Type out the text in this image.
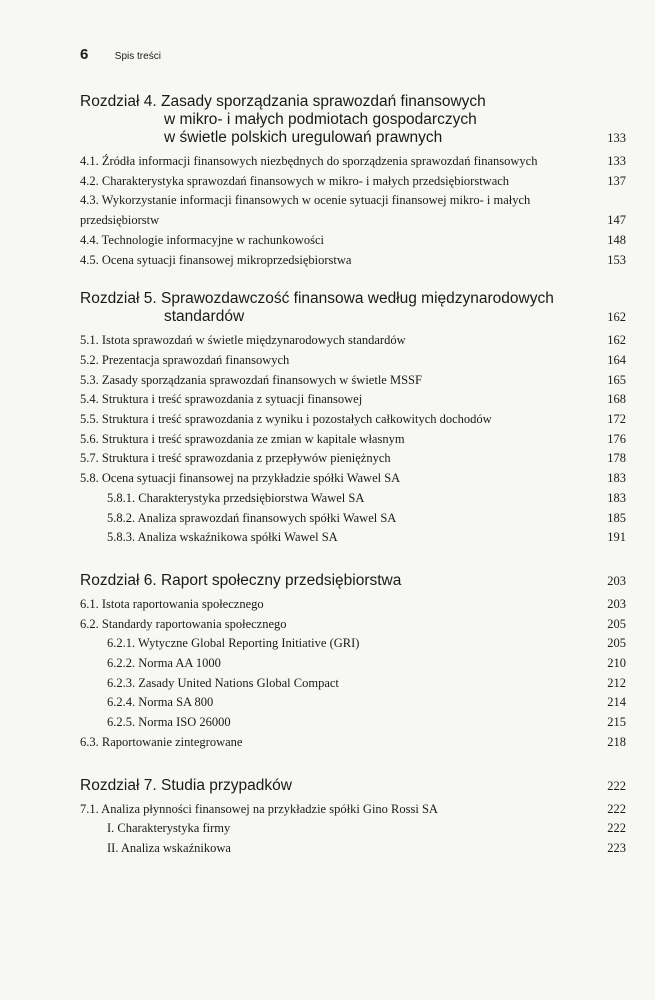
6	Spis treści
Rozdział 4. Zasady sporządzania sprawozdań finansowych
w mikro- i małych podmiotach gospodarczych
w świetle polskich uregulowań prawnych	133
4.1. Źródła informacji finansowych niezbędnych do sporządzenia sprawozdań finansowych	133
4.2. Charakterystyka sprawozdań finansowych w mikro- i małych przedsiębiorstwach	137
4.3. Wykorzystanie informacji finansowych w ocenie sytuacji finansowej mikro- i małych
przedsiębiorstw	147
4.4. Technologie informacyjne w rachunkowości	148
4.5. Ocena sytuacji finansowej mikroprzedsiębiorstwa	153
Rozdział 5. Sprawozdawczość finansowa według międzynarodowych
standardów	162
5.1. Istota sprawozdań w świetle międzynarodowych standardów	162
5.2. Prezentacja sprawozdań finansowych	164
5.3. Zasady sporządzania sprawozdań finansowych w świetle MSSF	165
5.4. Struktura i treść sprawozdania z sytuacji finansowej	168
5.5. Struktura i treść sprawozdania z wyniku i pozostałych całkowitych dochodów	172
5.6. Struktura i treść sprawozdania ze zmian w kapitale własnym	176
5.7. Struktura i treść sprawozdania z przepływów pieniężnych	178
5.8. Ocena sytuacji finansowej na przykładzie spółki Wawel SA	183
5.8.1. Charakterystyka przedsiębiorstwa Wawel SA	183
5.8.2. Analiza sprawozdań finansowych spółki Wawel SA	185
5.8.3. Analiza wskaźnikowa spółki Wawel SA	191
Rozdział 6. Raport społeczny przedsiębiorstwa	203
6.1. Istota raportowania społecznego	203
6.2. Standardy raportowania społecznego	205
6.2.1. Wytyczne Global Reporting Initiative (GRI)	205
6.2.2. Norma AA 1000	210
6.2.3. Zasady United Nations Global Compact	212
6.2.4. Norma SA 800	214
6.2.5. Norma ISO 26000	215
6.3. Raportowanie zintegrowane	218
Rozdział 7. Studia przypadków	222
7.1. Analiza płynności finansowej na przykładzie spółki Gino Rossi SA	222
I. Charakterystyka firmy	222
II. Analiza wskaźnikowa	223
